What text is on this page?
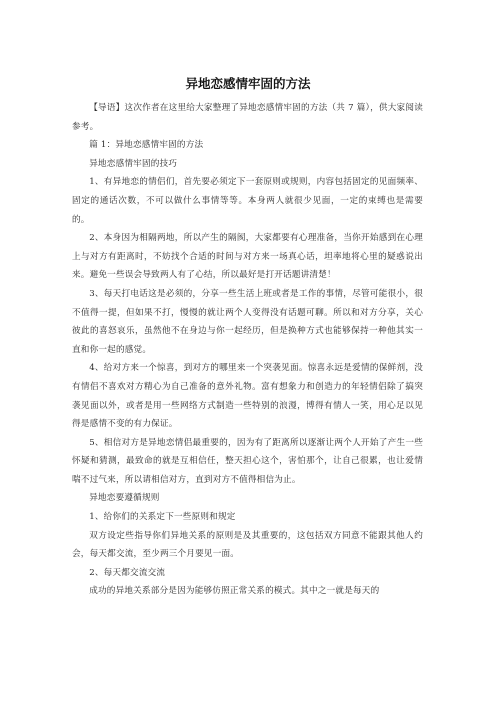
异地恋感情牢固的方法

【导语】这次作者在这里给大家整理了异地恋感情牢固的方法（共 7 篇），供大家阅读参考。

篇 1：异地恋感情牢固的方法

异地恋感情牢固的技巧

1、有异地恋的情侣们，首先要必须定下一套原则或规则，内容包括固定的见面频率、固定的通话次数，不可以做什么事情等等。本身两人就很少见面，一定的束缚也是需要的。

2、本身因为相隔两地，所以产生的隔阂，大家都要有心理准备，当你开始感到在心理上与对方有距离时，不妨找个合适的时间与对方来一场真心话，坦率地将心里的疑惑说出来。避免一些误会导致两人有了心结，所以最好是打开话题讲清楚！

3、每天打电话这是必须的，分享一些生活上班或者是工作的事情，尽管可能很小，很不值得一提，但如果不打，慢慢的就让两个人变得没有话题可聊。所以和对方分享，关心彼此的喜怒哀乐，虽然他不在身边与你一起经历，但是换种方式也能够保持一种他其实一直和你一起的感觉。

4、给对方来一个惊喜，到对方的哪里来一个突袭见面。惊喜永远是爱情的保鲜剂，没有情侣不喜欢对方精心为自己准备的意外礼物。富有想象力和创造力的年轻情侣除了搞突袭见面以外，或者是用一些网络方式制造一些特别的浪漫，博得有情人一笑，用心足以见得是感情不变的有力保证。

5、相信对方是异地恋情侣最重要的，因为有了距离所以逐渐让两个人开始了产生一些怀疑和猜测，最致命的就是互相信任，整天担心这个，害怕那个，让自己很累，也让爱情喘不过气来，所以请相信对方，直到对方不值得相信为止。

异地恋要遵循规则

1、给你们的关系定下一些原则和规定

双方设定些指导你们异地关系的原则是及其重要的，这包括双方同意不能跟其他人约会，每天都交流，至少两三个月要见一面。

2、每天都交流交流

成功的异地关系部分是因为能够仿照正常关系的模式。其中之一就是每天的
